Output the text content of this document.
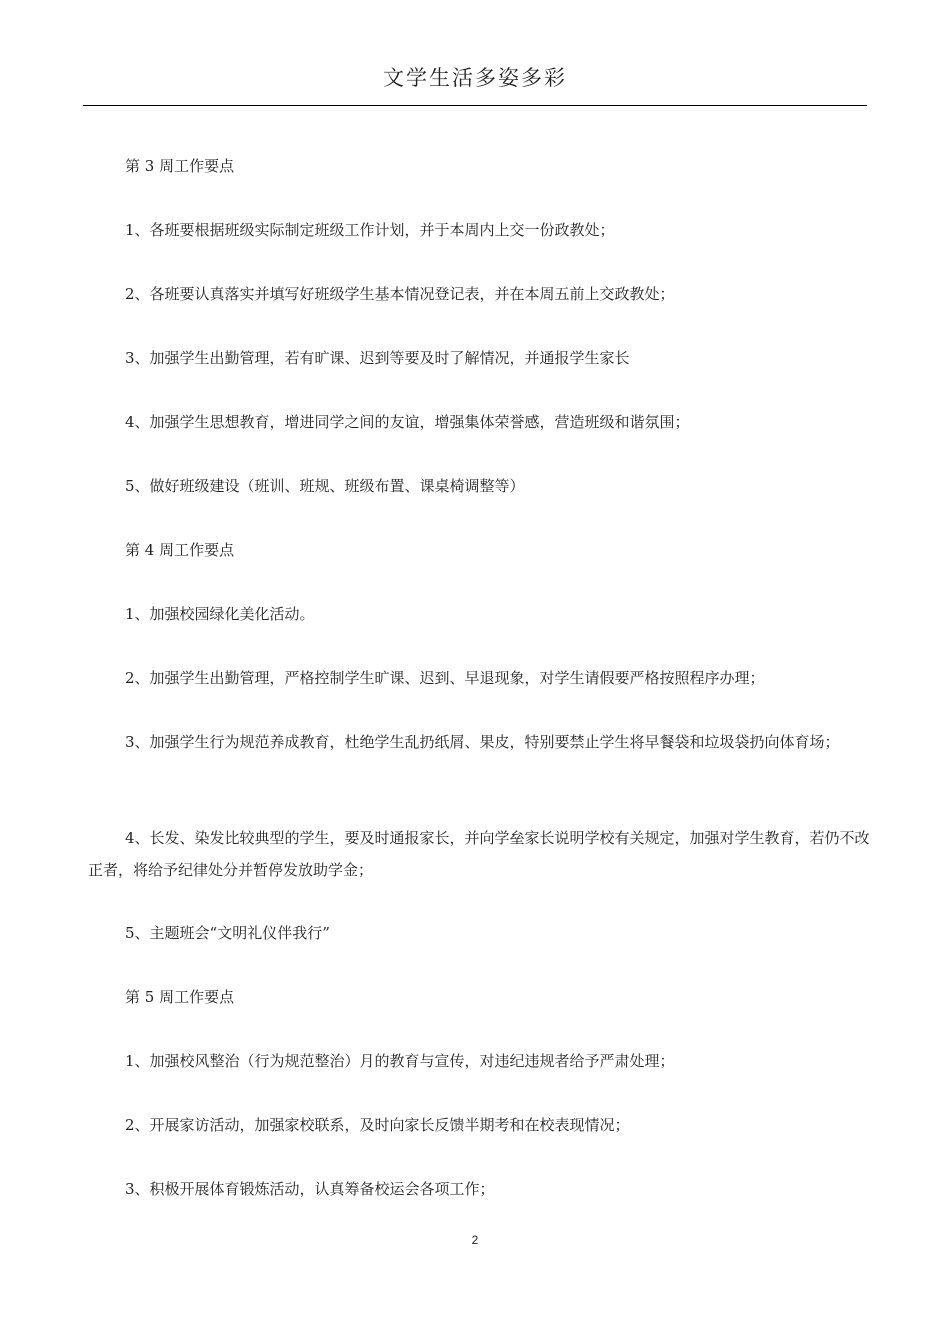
文学生活多姿多彩

第 3 周工作要点

1、各班要根据班级实际制定班级工作计划，并于本周内上交一份政教处；

2、各班要认真落实并填写好班级学生基本情况登记表，并在本周五前上交政教处；

3、加强学生出勤管理，若有旷课、迟到等要及时了解情况，并通报学生家长

4、加强学生思想教育，增进同学之间的友谊，增强集体荣誉感，营造班级和谐氛围；

5、做好班级建设（班训、班规、班级布置、课桌椅调整等）

第 4 周工作要点

1、加强校园绿化美化活动。

2、加强学生出勤管理，严格控制学生旷课、迟到、早退现象，对学生请假要严格按照程序办理；

3、加强学生行为规范养成教育，杜绝学生乱扔纸屑、果皮，特别要禁止学生将早餐袋和垃圾袋扔向体育场；

4、长发、染发比较典型的学生，要及时通报家长，并向学垒家长说明学校有关规定，加强对学生教育，若仍不改正者，将给予纪律处分并暂停发放助学金；

5、主题班会“文明礼仪伴我行”

第 5 周工作要点

1、加强校风整治（行为规范整治）月的教育与宣传，对违纪违规者给予严肃处理；

2、开展家访活动，加强家校联系，及时向家长反馈半期考和在校表现情况；

3、积极开展体育锻炼活动，认真筹备校运会各项工作；

2
